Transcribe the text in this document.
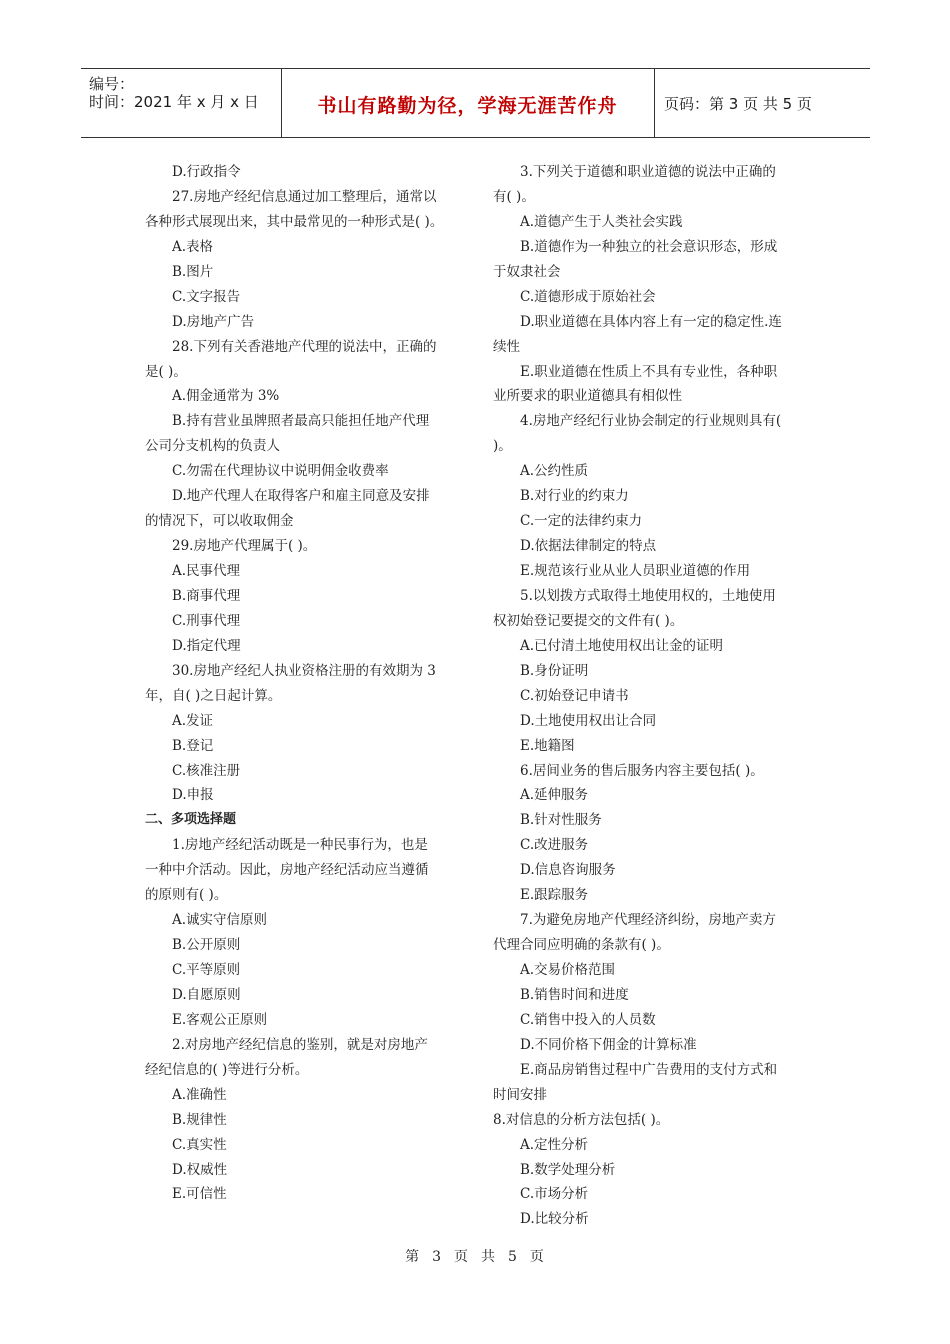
编号：
时间：2021 年 x 月 x 日	书山有路勤为径，学海无涯苦作舟	页码：第 3 页 共 5 页
D.行政指令
27.房地产经纪信息通过加工整理后，通常以
各种形式展现出来，其中最常见的一种形式是( )。
A.表格
B.图片
C.文字报告
D.房地产广告
28.下列有关香港地产代理的说法中，正确的
是( )。
A.佣金通常为 3%
B.持有营业虽牌照者最高只能担任地产代理
公司分支机构的负责人
C.勿需在代理协议中说明佣金收费率
D.地产代理人在取得客户和雇主同意及安排
的情况下，可以收取佣金
29.房地产代理属于( )。
A.民事代理
B.商事代理
C.刑事代理
D.指定代理
30.房地产经纪人执业资格注册的有效期为 3
年，自( )之日起计算。
A.发证
B.登记
C.核准注册
D.申报
二、多项选择题
1.房地产经纪活动既是一种民事行为，也是
一种中介活动。因此，房地产经纪活动应当遵循
的原则有( )。
A.诚实守信原则
B.公开原则
C.平等原则
D.自愿原则
E.客观公正原则
2.对房地产经纪信息的鉴别，就是对房地产
经纪信息的( )等进行分析。
A.准确性
B.规律性
C.真实性
D.权威性
E.可信性
3.下列关于道德和职业道德的说法中正确的
有( )。
A.道德产生于人类社会实践
B.道德作为一种独立的社会意识形态，形成
于奴隶社会
C.道德形成于原始社会
D.职业道德在具体内容上有一定的稳定性.连
续性
E.职业道德在性质上不具有专业性，各种职
业所要求的职业道德具有相似性
4.房地产经纪行业协会制定的行业规则具有(
)。
A.公约性质
B.对行业的约束力
C.一定的法律约束力
D.依据法律制定的特点
E.规范该行业从业人员职业道德的作用
5.以划拨方式取得土地使用权的，土地使用
权初始登记要提交的文件有( )。
A.已付清土地使用权出让金的证明
B.身份证明
C.初始登记申请书
D.土地使用权出让合同
E.地籍图
6.居间业务的售后服务内容主要包括( )。
A.延伸服务
B.针对性服务
C.改进服务
D.信息咨询服务
E.跟踪服务
7.为避免房地产代理经济纠纷，房地产卖方
代理合同应明确的条款有( )。
A.交易价格范围
B.销售时间和进度
C.销售中投入的人员数
D.不同价格下佣金的计算标准
E.商品房销售过程中广告费用的支付方式和
时间安排
8.对信息的分析方法包括( )。
A.定性分析
B.数学处理分析
C.市场分析
D.比较分析
第 3 页 共 5 页
